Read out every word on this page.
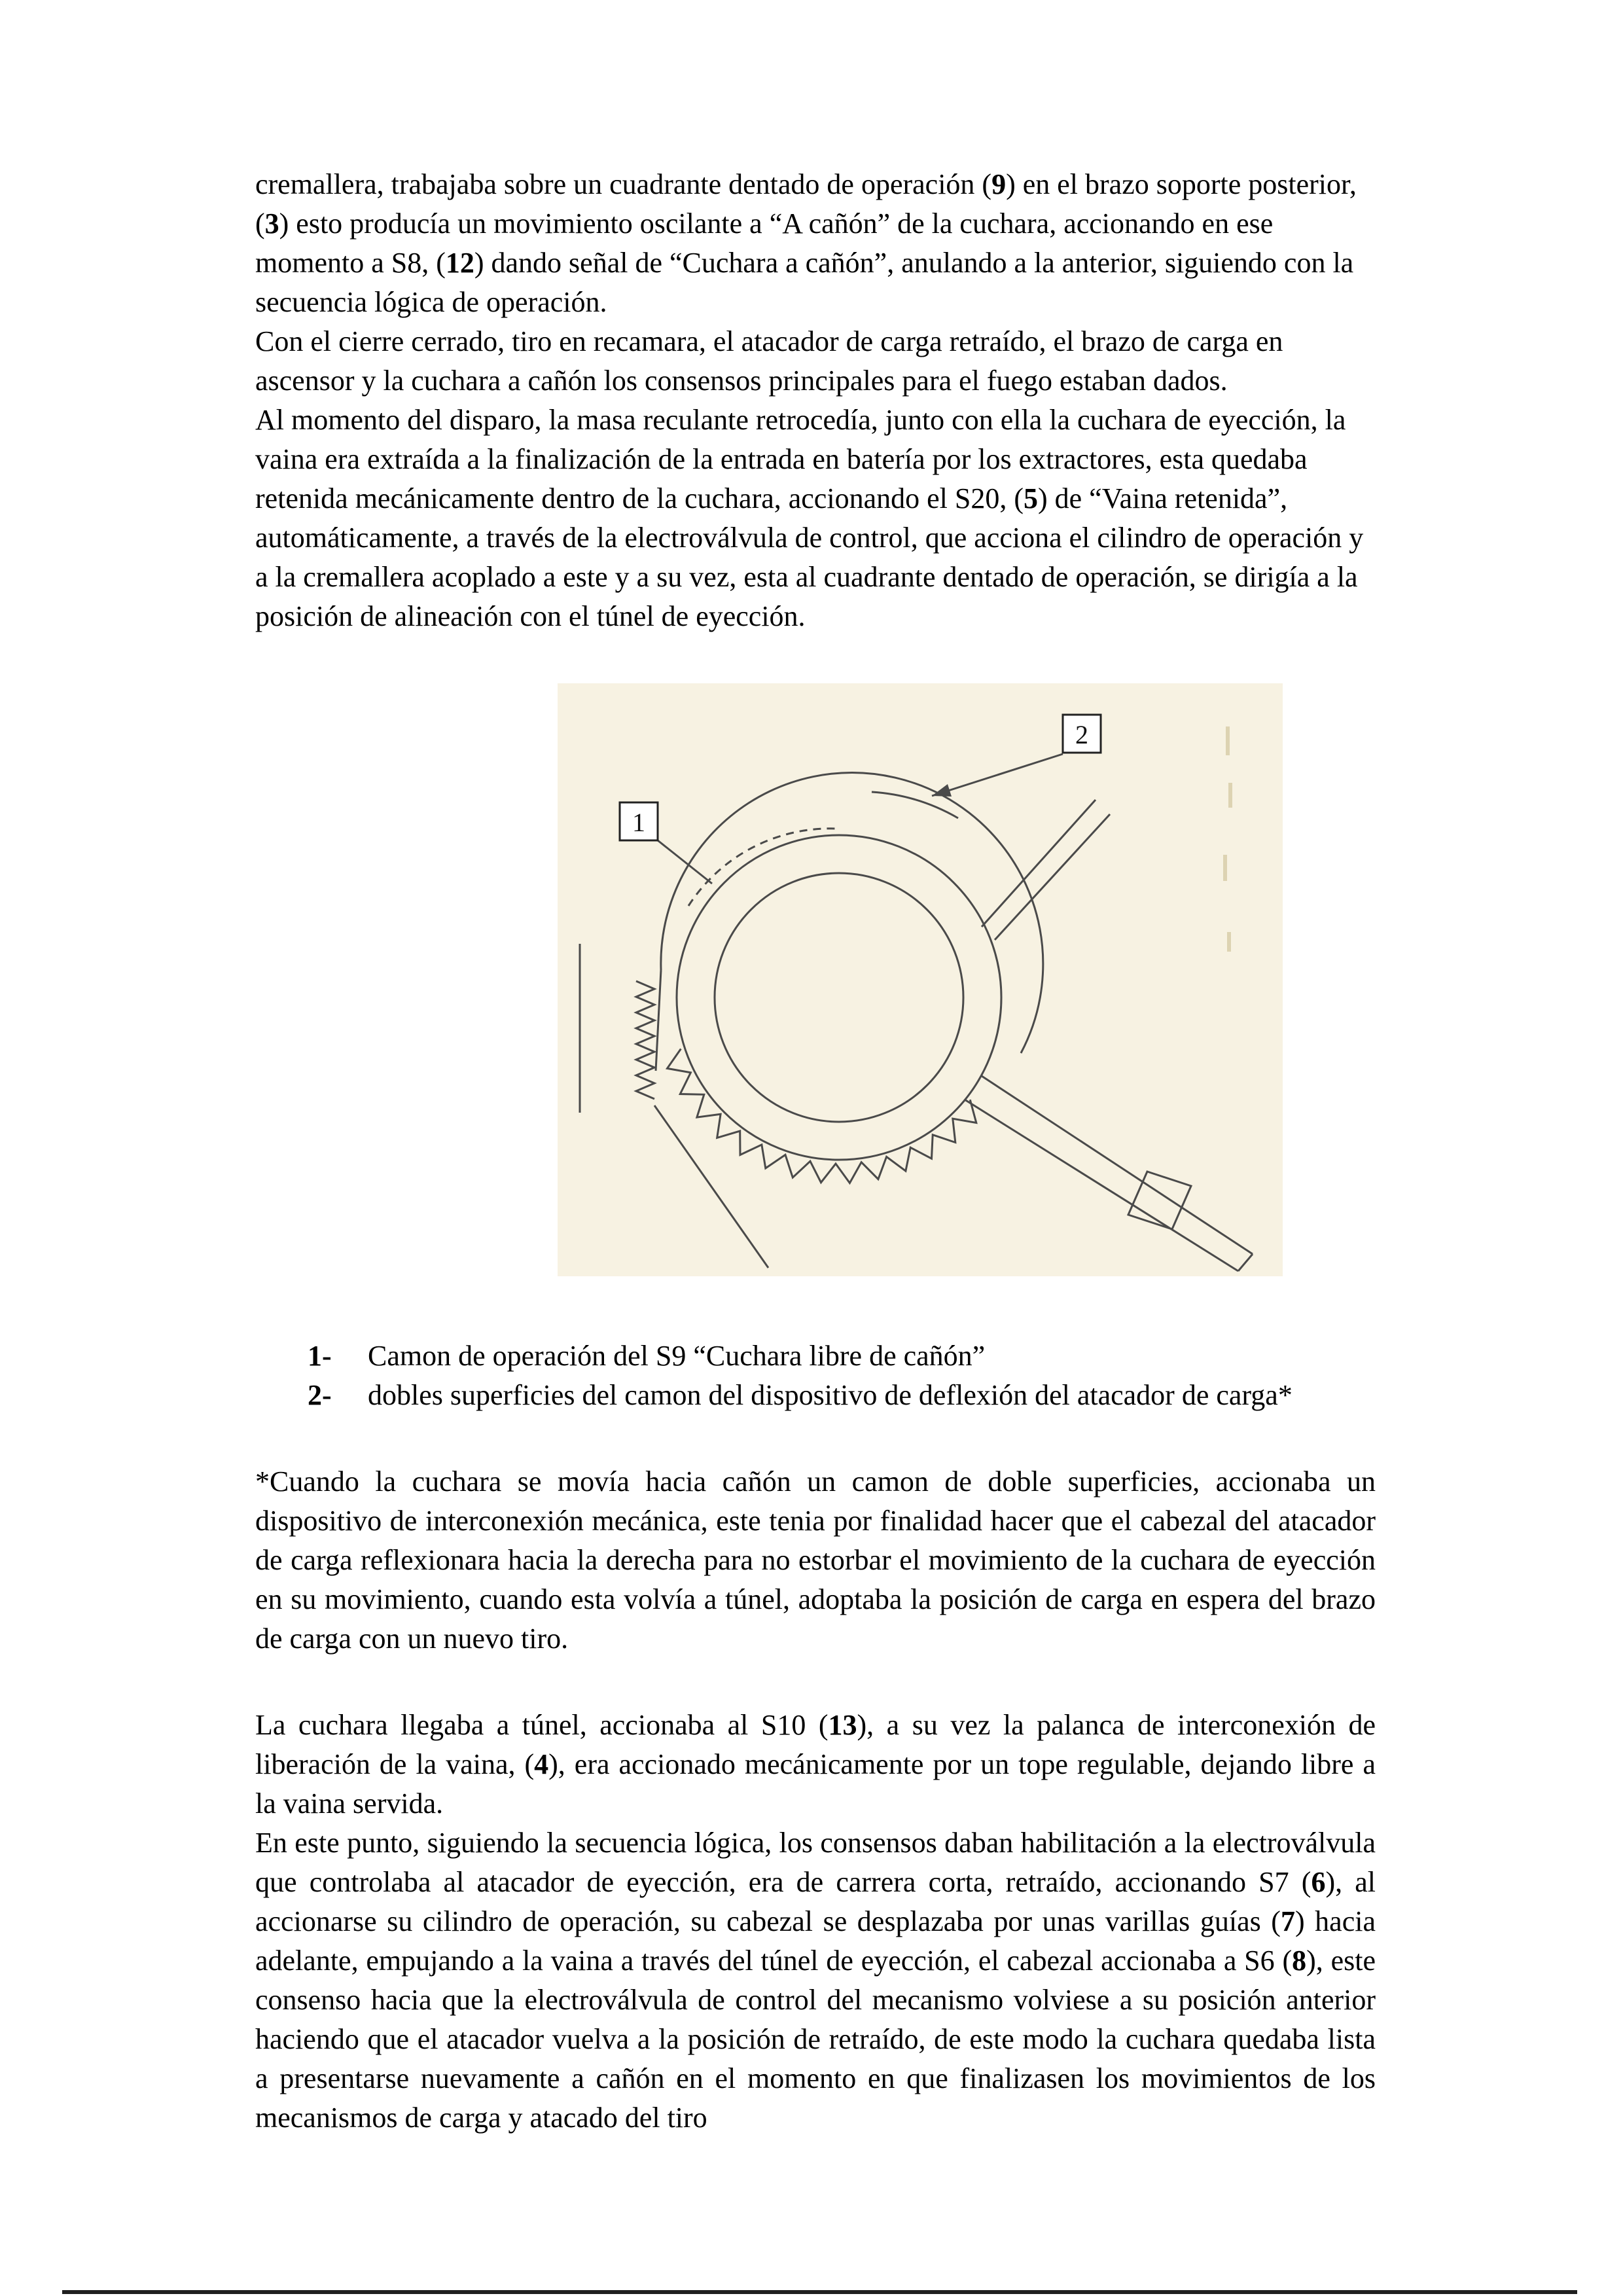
cremallera, trabajaba sobre un cuadrante dentado de operación (9) en el brazo soporte posterior, (3) esto producía un movimiento oscilante a “A cañón” de la cuchara, accionando en ese momento a S8, (12) dando señal de “Cuchara a cañón”, anulando a la anterior, siguiendo con la secuencia lógica de operación.

Con el cierre cerrado, tiro en recamara, el atacador de carga retraído, el brazo de carga en ascensor y la cuchara a cañón los consensos principales para el fuego estaban dados.

Al momento del disparo, la masa reculante retrocedía, junto con ella la cuchara de eyección, la vaina era extraída a la finalización de la entrada en batería por los extractores, esta quedaba retenida mecánicamente dentro de la cuchara, accionando el S20, (5) de “Vaina retenida”, automáticamente, a través de la electroválvula de control, que acciona el cilindro de operación y a la cremallera acoplado a este y a su vez, esta al cuadrante dentado de operación, se dirigía a la posición de alineación con el túnel de eyección.

1
2
1-	Camon de operación del S9 “Cuchara libre de cañón”
2-	dobles superficies del camon del dispositivo de deflexión del atacador de carga*

*Cuando la cuchara se movía hacia cañón un camon de doble superficies, accionaba un dispositivo de interconexión mecánica, este tenia por finalidad hacer que el cabezal del atacador de carga reflexionara hacia la derecha para no estorbar el movimiento de la cuchara de eyección en su movimiento, cuando esta volvía a túnel, adoptaba la posición de carga en espera del brazo de carga con un nuevo tiro.

La cuchara llegaba a túnel, accionaba al S10 (13), a su vez la palanca de interconexión de liberación de la vaina, (4), era accionado mecánicamente por un tope regulable, dejando libre a la vaina servida.

En este punto, siguiendo la secuencia lógica, los consensos daban habilitación a la electroválvula que controlaba al atacador de eyección, era de carrera corta, retraído, accionando S7 (6), al accionarse su cilindro de operación, su cabezal se desplazaba por unas varillas guías (7) hacia adelante, empujando a la vaina a través del túnel de eyección, el cabezal accionaba a S6 (8), este consenso hacia que la electroválvula de control del mecanismo volviese a su posición anterior haciendo que el atacador vuelva a la posición de retraído, de este modo la cuchara quedaba lista a presentarse nuevamente a cañón en el momento en que finalizasen los movimientos de los mecanismos de carga y atacado del tiro
